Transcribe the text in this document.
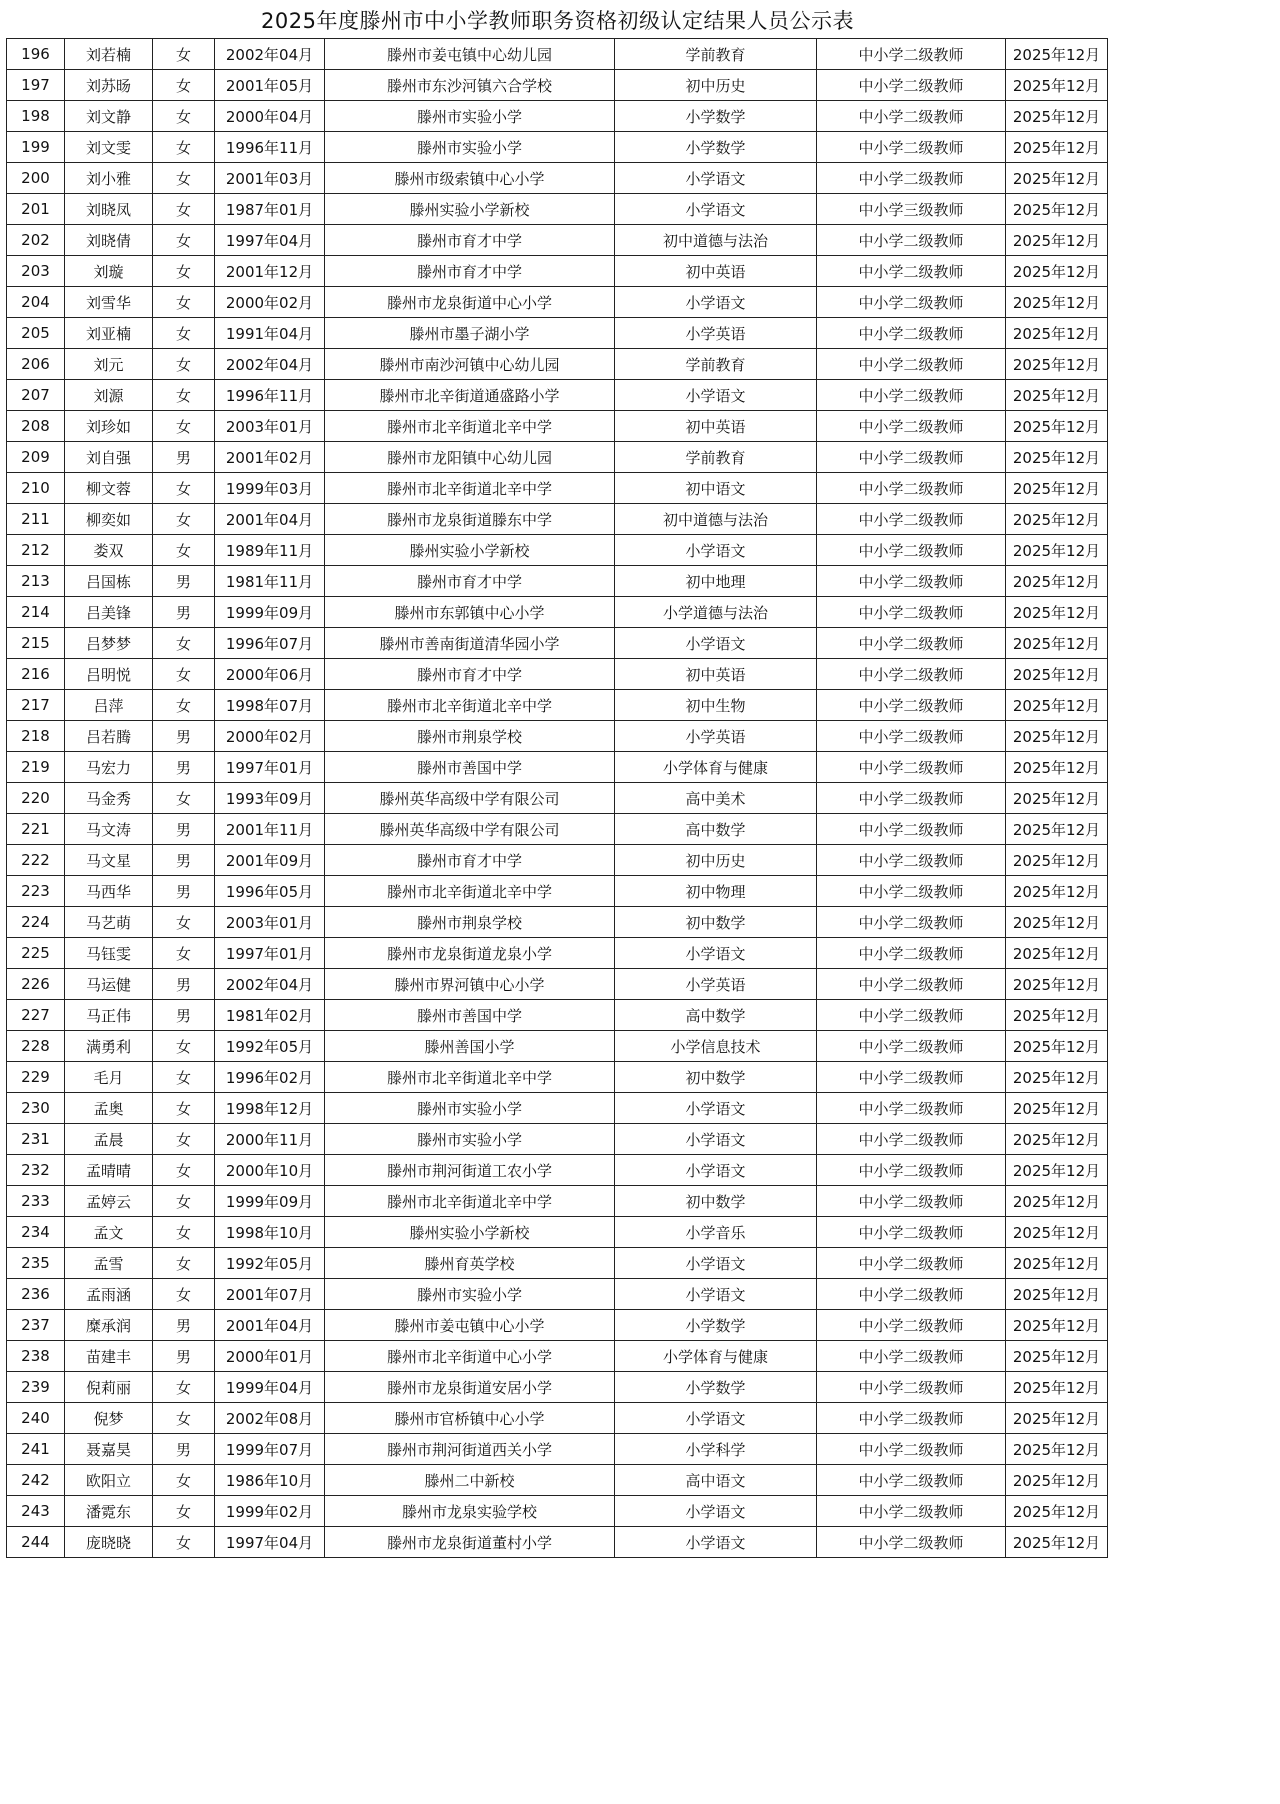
2025年度滕州市中小学教师职务资格初级认定结果人员公示表
196	刘若楠	女	2002年04月	滕州市姜屯镇中心幼儿园	学前教育	中小学二级教师	2025年12月
197	刘苏旸	女	2001年05月	滕州市东沙河镇六合学校	初中历史	中小学二级教师	2025年12月
198	刘文静	女	2000年04月	滕州市实验小学	小学数学	中小学二级教师	2025年12月
199	刘文雯	女	1996年11月	滕州市实验小学	小学数学	中小学二级教师	2025年12月
200	刘小雅	女	2001年03月	滕州市级索镇中心小学	小学语文	中小学二级教师	2025年12月
201	刘晓凤	女	1987年01月	滕州实验小学新校	小学语文	中小学三级教师	2025年12月
202	刘晓倩	女	1997年04月	滕州市育才中学	初中道德与法治	中小学二级教师	2025年12月
203	刘璇	女	2001年12月	滕州市育才中学	初中英语	中小学二级教师	2025年12月
204	刘雪华	女	2000年02月	滕州市龙泉街道中心小学	小学语文	中小学二级教师	2025年12月
205	刘亚楠	女	1991年04月	滕州市墨子湖小学	小学英语	中小学二级教师	2025年12月
206	刘元	女	2002年04月	滕州市南沙河镇中心幼儿园	学前教育	中小学二级教师	2025年12月
207	刘源	女	1996年11月	滕州市北辛街道通盛路小学	小学语文	中小学二级教师	2025年12月
208	刘珍如	女	2003年01月	滕州市北辛街道北辛中学	初中英语	中小学二级教师	2025年12月
209	刘自强	男	2001年02月	滕州市龙阳镇中心幼儿园	学前教育	中小学二级教师	2025年12月
210	柳文蓉	女	1999年03月	滕州市北辛街道北辛中学	初中语文	中小学二级教师	2025年12月
211	柳奕如	女	2001年04月	滕州市龙泉街道滕东中学	初中道德与法治	中小学二级教师	2025年12月
212	娄双	女	1989年11月	滕州实验小学新校	小学语文	中小学二级教师	2025年12月
213	吕国栋	男	1981年11月	滕州市育才中学	初中地理	中小学二级教师	2025年12月
214	吕美锋	男	1999年09月	滕州市东郭镇中心小学	小学道德与法治	中小学二级教师	2025年12月
215	吕梦梦	女	1996年07月	滕州市善南街道清华园小学	小学语文	中小学二级教师	2025年12月
216	吕明悦	女	2000年06月	滕州市育才中学	初中英语	中小学二级教师	2025年12月
217	吕萍	女	1998年07月	滕州市北辛街道北辛中学	初中生物	中小学二级教师	2025年12月
218	吕若腾	男	2000年02月	滕州市荆泉学校	小学英语	中小学二级教师	2025年12月
219	马宏力	男	1997年01月	滕州市善国中学	小学体育与健康	中小学二级教师	2025年12月
220	马金秀	女	1993年09月	滕州英华高级中学有限公司	高中美术	中小学二级教师	2025年12月
221	马文涛	男	2001年11月	滕州英华高级中学有限公司	高中数学	中小学二级教师	2025年12月
222	马文星	男	2001年09月	滕州市育才中学	初中历史	中小学二级教师	2025年12月
223	马西华	男	1996年05月	滕州市北辛街道北辛中学	初中物理	中小学二级教师	2025年12月
224	马艺萌	女	2003年01月	滕州市荆泉学校	初中数学	中小学二级教师	2025年12月
225	马钰雯	女	1997年01月	滕州市龙泉街道龙泉小学	小学语文	中小学二级教师	2025年12月
226	马运健	男	2002年04月	滕州市界河镇中心小学	小学英语	中小学二级教师	2025年12月
227	马正伟	男	1981年02月	滕州市善国中学	高中数学	中小学二级教师	2025年12月
228	满勇利	女	1992年05月	滕州善国小学	小学信息技术	中小学二级教师	2025年12月
229	毛月	女	1996年02月	滕州市北辛街道北辛中学	初中数学	中小学二级教师	2025年12月
230	孟奥	女	1998年12月	滕州市实验小学	小学语文	中小学二级教师	2025年12月
231	孟晨	女	2000年11月	滕州市实验小学	小学语文	中小学二级教师	2025年12月
232	孟晴晴	女	2000年10月	滕州市荆河街道工农小学	小学语文	中小学二级教师	2025年12月
233	孟婷云	女	1999年09月	滕州市北辛街道北辛中学	初中数学	中小学二级教师	2025年12月
234	孟文	女	1998年10月	滕州实验小学新校	小学音乐	中小学二级教师	2025年12月
235	孟雪	女	1992年05月	滕州育英学校	小学语文	中小学二级教师	2025年12月
236	孟雨涵	女	2001年07月	滕州市实验小学	小学语文	中小学二级教师	2025年12月
237	糜承润	男	2001年04月	滕州市姜屯镇中心小学	小学数学	中小学二级教师	2025年12月
238	苗建丰	男	2000年01月	滕州市北辛街道中心小学	小学体育与健康	中小学二级教师	2025年12月
239	倪莉丽	女	1999年04月	滕州市龙泉街道安居小学	小学数学	中小学二级教师	2025年12月
240	倪梦	女	2002年08月	滕州市官桥镇中心小学	小学语文	中小学二级教师	2025年12月
241	聂嘉昊	男	1999年07月	滕州市荆河街道西关小学	小学科学	中小学二级教师	2025年12月
242	欧阳立	女	1986年10月	滕州二中新校	高中语文	中小学二级教师	2025年12月
243	潘霓东	女	1999年02月	滕州市龙泉实验学校	小学语文	中小学二级教师	2025年12月
244	庞晓晓	女	1997年04月	滕州市龙泉街道董村小学	小学语文	中小学二级教师	2025年12月
